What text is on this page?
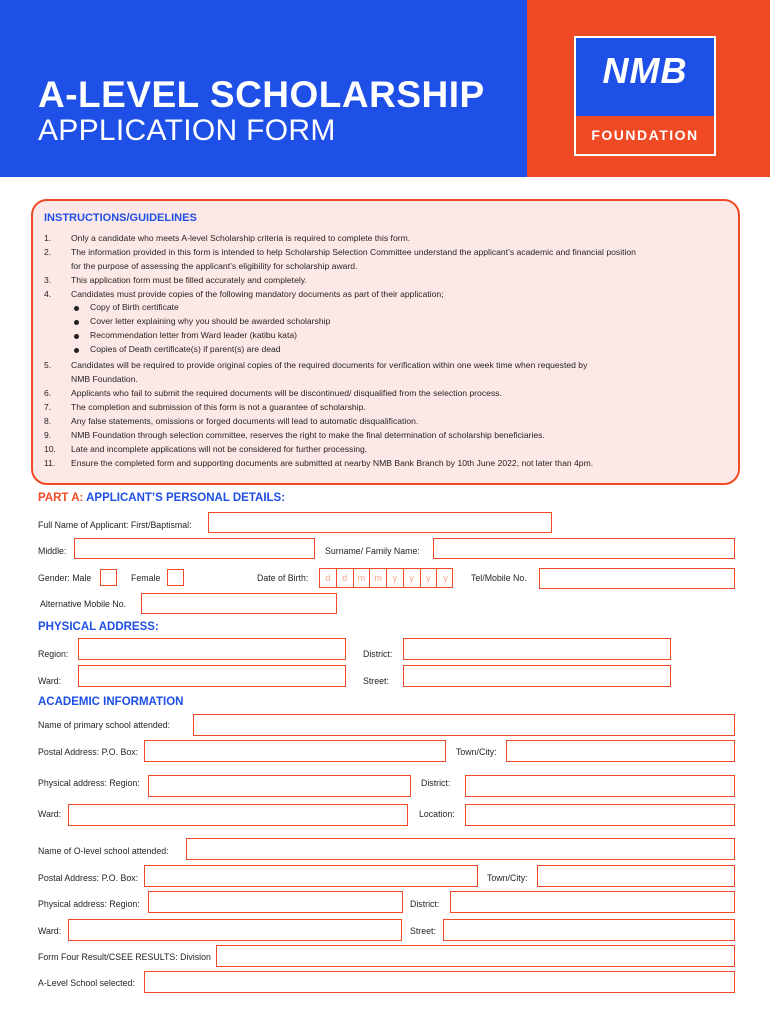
A-LEVEL SCHOLARSHIP
APPLICATION FORM
NMB
FOUNDATION
INSTRUCTIONS/GUIDELINES
1. Only a candidate who meets A-level Scholarship criteria is required to complete this form.
2. The information provided in this form is intended to help Scholarship Selection Committee understand the applicant’s academic and financial position
for the purpose of assessing the applicant’s eligibility for scholarship award.
3. This application form must be filled accurately and completely.
4. Candidates must provide copies of the following mandatory documents as part of their application;
Copy of Birth certificate
Cover letter explaining why you should be awarded scholarship
Recommendation letter from Ward leader (katibu kata)
Copies of Death certificate(s) if parent(s) are dead
5. Candidates will be required to provide original copies of the required documents for verification within one week time when requested by
NMB Foundation.
6. Applicants who fail to submit the required documents will be discontinued/ disqualified from the selection process.
7. The completion and submission of this form is not a guarantee of scholarship.
8. Any false statements, omissions or forged documents will lead to automatic disqualification.
9. NMB Foundation through selection committee, reserves the right to make the final determination of scholarship beneficiaries.
10. Late and incomplete applications will not be considered for further processing.
11. Ensure the completed form and supporting documents are submitted at nearby NMB Bank Branch by 10th June 2022, not later than 4pm.
PART A: APPLICANT’S PERSONAL DETAILS:
Full Name of Applicant: First/Baptismal:
Middle:	Surname/ Family Name:
Gender: Male	Female	Date of Birth:	d	d	m	m	y	y	y	y	Tel/Mobile No.
Alternative Mobile No.
PHYSICAL ADDRESS:
Region:	District:
Ward:	Street:
ACADEMIC INFORMATION
Name of primary school attended:
Postal Address: P.O. Box:	Town/City:
Physical address: Region:	District:
Ward:	Location:
Name of O-level school attended:
Postal Address: P.O. Box:	Town/City:
Physical address: Region:	District:
Ward:	Street:
Form Four Result/CSEE RESULTS: Division
A-Level School selected:
